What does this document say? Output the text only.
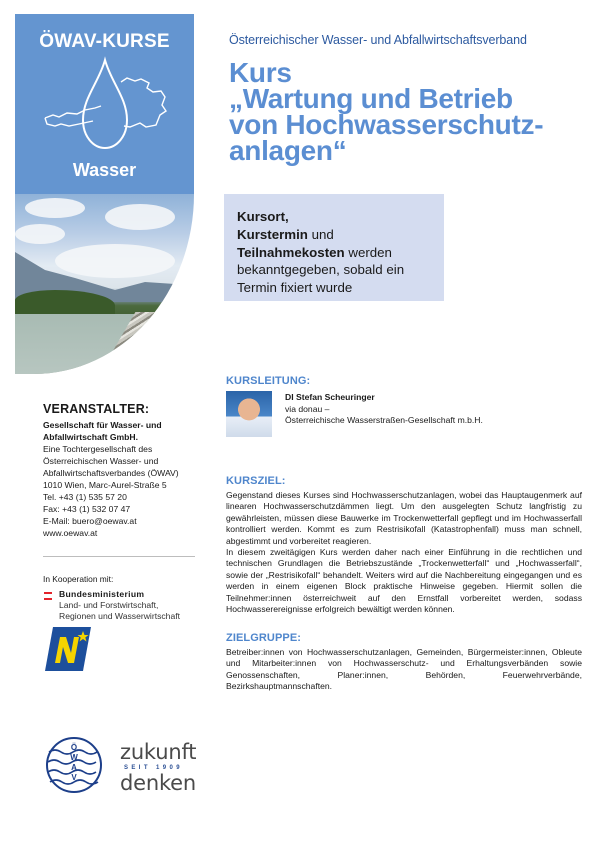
ÖWAV-KURSE
Wasser
Österreichischer Wasser- und Abfallwirtschaftsverband
Kurs
„Wartung und Betrieb
von Hochwasserschutz-
anlagen“
Kursort,
Kurstermin und
Teilnahmekosten werden
bekanntgegeben, sobald ein
Termin fixiert wurde
VERANSTALTER:
Gesellschaft für Wasser- und
Abfallwirtschaft GmbH.
Eine Tochtergesellschaft des
Österreichischen Wasser- und
Abfallwirtschaftsverbandes (ÖWAV)
1010 Wien, Marc-Aurel-Straße 5
Tel. +43 (1) 535 57 20
Fax: +43 (1) 532 07 47
E-Mail: buero@oewav.at
www.oewav.at
In Kooperation mit:
Bundesministerium
Land- und Forstwirtschaft,
Regionen und Wasserwirtschaft
Ö
W
A
V
zukunft
SEIT 1909
denken
KURSLEITUNG:
DI Stefan Scheuringer
via donau –
Österreichische Wasserstraßen-Gesellschaft m.b.H.
KURSZIEL:
Gegenstand dieses Kurses sind Hochwasserschutzanlagen, wobei das Hauptaugenmerk auf linearen Hochwasserschutzdämmen liegt. Um den ausgelegten Schutz langfristig zu gewährleisten, müssen diese Bauwerke im Trockenwetterfall gepflegt und im Hochwasserfall kontrolliert werden. Kommt es zum Restrisikofall (Katastrophenfall) muss man schnell, abgestimmt und vorbereitet reagieren.
In diesem zweitägigen Kurs werden daher nach einer Einführung in die rechtlichen und technischen Grundlagen die Betriebszustände „Trockenwetterfall“ und „Hochwasserfall“, sowie der „Restrisikofall“ behandelt. Weiters wird auf die Nachbereitung eingegangen und es werden in einem eigenen Block praktische Hinweise gegeben. Hiermit sollen die Teilnehmer:innen österreichweit auf den Ernstfall vorbereitet werden, sodass Hochwasserereignisse erfolgreich bewältigt werden können.
ZIELGRUPPE:
Betreiber:innen von Hochwasserschutzanlagen, Gemeinden, Bürgermeister:innen, Obleute und Mitarbeiter:innen von Hochwasserschutz- und Erhaltungsverbänden sowie Genossenschaften, Planer:innen, Behörden, Feuerwehrverbände, Bezirkshauptmannschaften.
